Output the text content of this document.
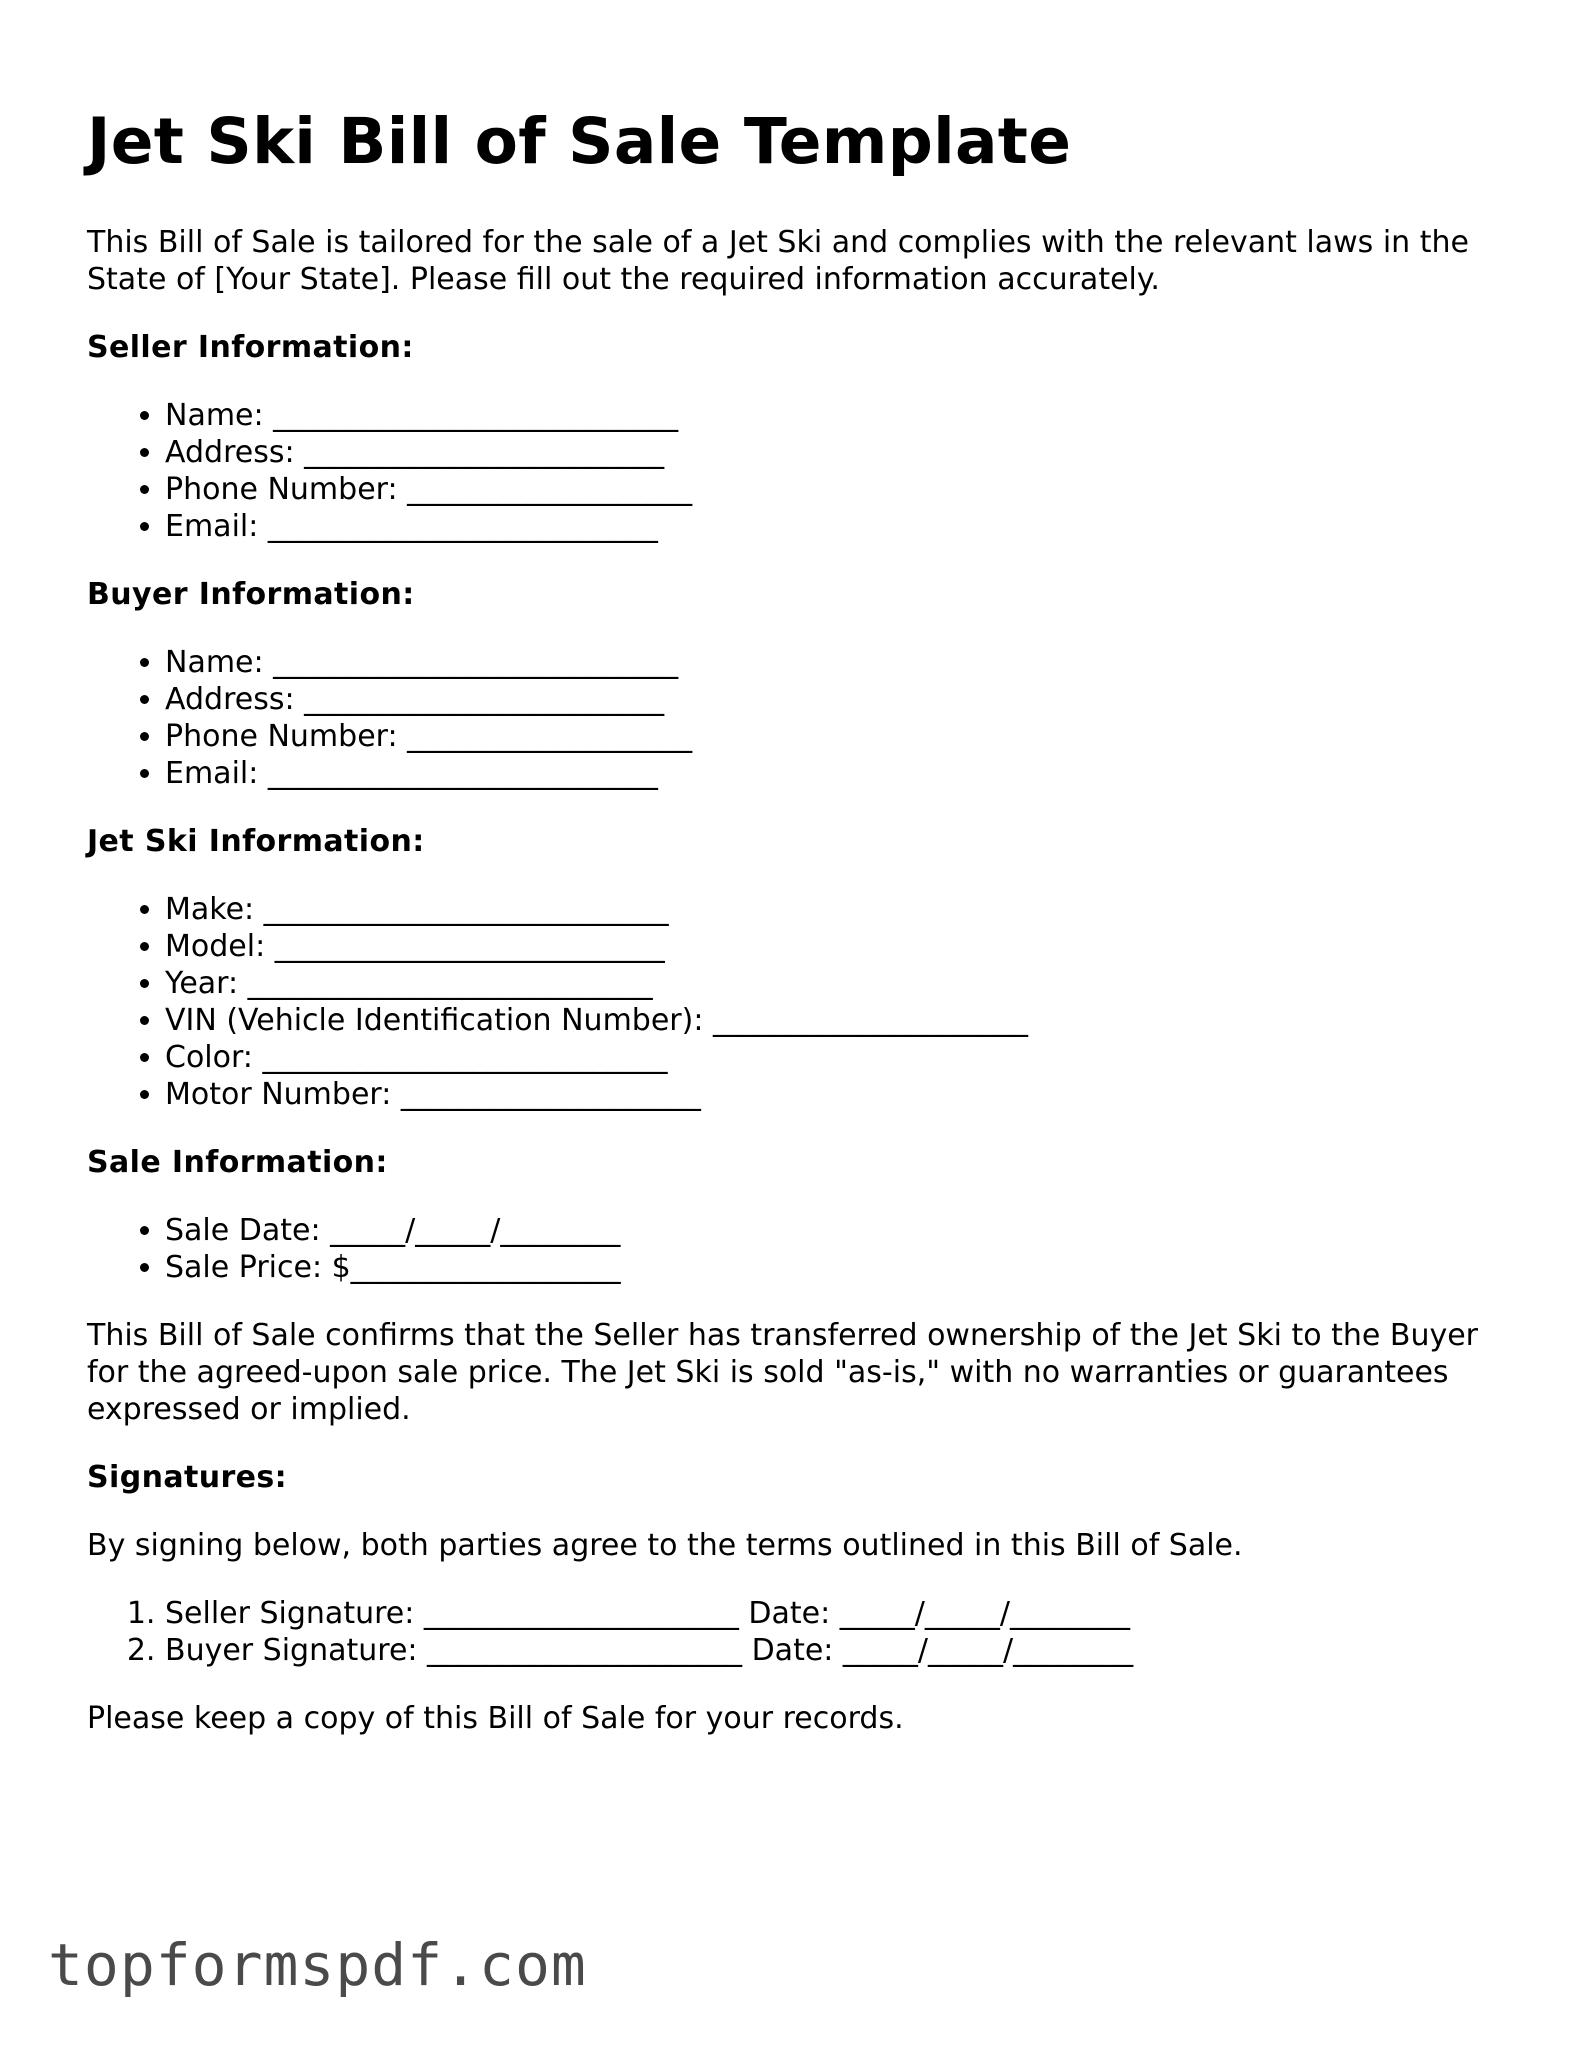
Jet Ski Bill of Sale Template

This Bill of Sale is tailored for the sale of a Jet Ski and complies with the relevant laws in the State of [Your State]. Please fill out the required information accurately.

Seller Information:
• Name: ___________________________
• Address: ________________________
• Phone Number: ___________________
• Email: __________________________
Buyer Information:
• Name: ___________________________
• Address: ________________________
• Phone Number: ___________________
• Email: __________________________
Jet Ski Information:
• Make: ___________________________
• Model: __________________________
• Year: ___________________________
• VIN (Vehicle Identification Number): _____________________
• Color: ___________________________
• Motor Number: ____________________
Sale Information:
• Sale Date: _____/_____/________
• Sale Price: $__________________

This Bill of Sale confirms that the Seller has transferred ownership of the Jet Ski to the Buyer for the agreed-upon sale price. The Jet Ski is sold "as-is," with no warranties or guarantees expressed or implied.

Signatures:

By signing below, both parties agree to the terms outlined in this Bill of Sale.

1. Seller Signature: _____________________ Date: _____/_____/________
2. Buyer Signature: _____________________ Date: _____/_____/________

Please keep a copy of this Bill of Sale for your records.

topformspdf.com
